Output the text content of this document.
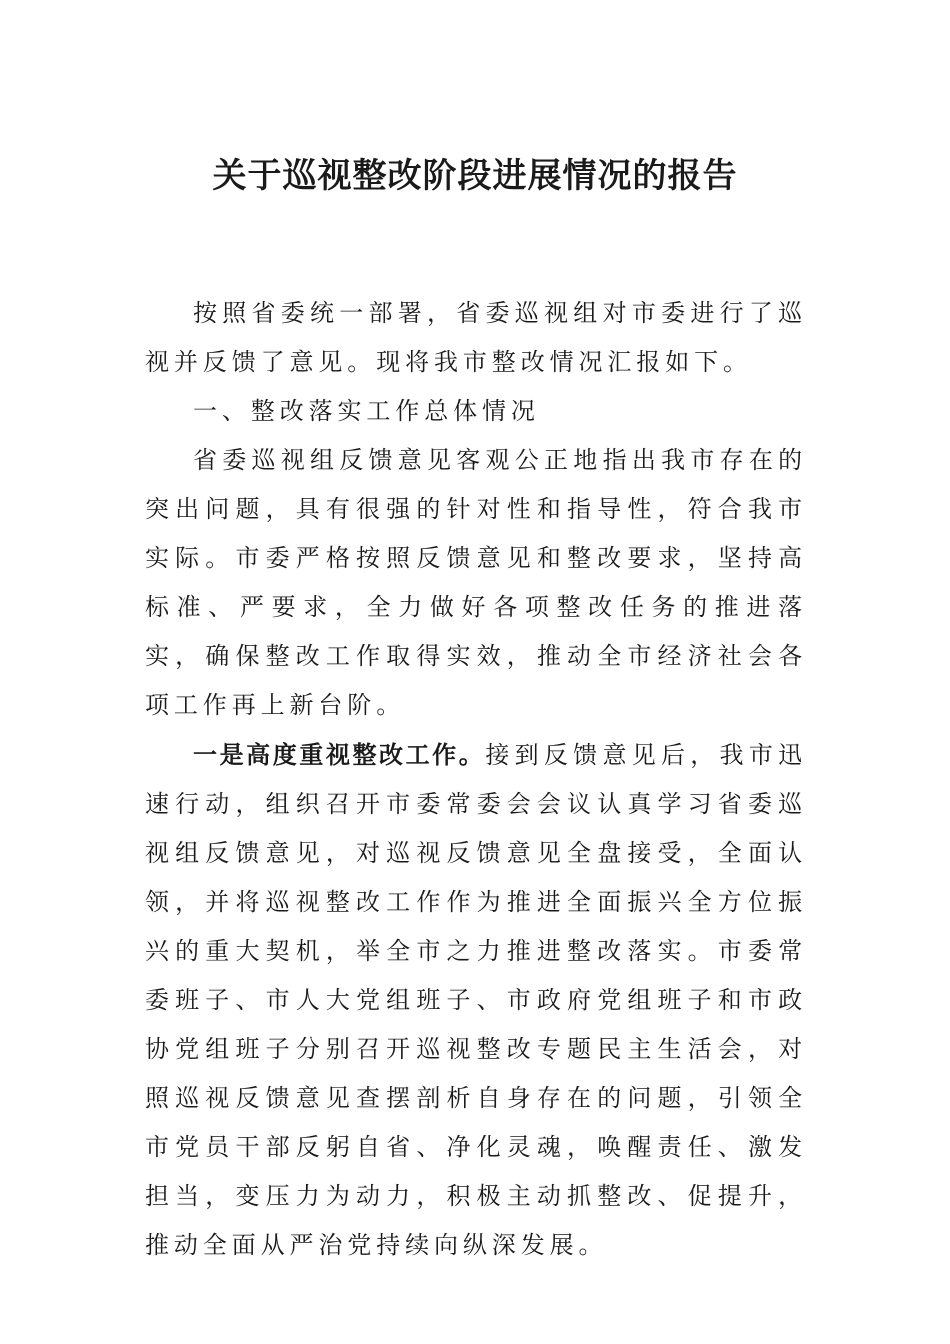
关于巡视整改阶段进展情况的报告

按照省委统一部署，省委巡视组对市委进行了巡视并反馈了意见。现将我市整改情况汇报如下。

一、整改落实工作总体情况

省委巡视组反馈意见客观公正地指出我市存在的突出问题，具有很强的针对性和指导性，符合我市实际。市委严格按照反馈意见和整改要求，坚持高标准、严要求，全力做好各项整改任务的推进落实，确保整改工作取得实效，推动全市经济社会各项工作再上新台阶。

一是高度重视整改工作。接到反馈意见后，我市迅速行动，组织召开市委常委会会议认真学习省委巡视组反馈意见，对巡视反馈意见全盘接受，全面认领，并将巡视整改工作作为推进全面振兴全方位振兴的重大契机，举全市之力推进整改落实。市委常委班子、市人大党组班子、市政府党组班子和市政协党组班子分别召开巡视整改专题民主生活会，对照巡视反馈意见查摆剖析自身存在的问题，引领全市党员干部反躬自省、净化灵魂，唤醒责任、激发担当，变压力为动力，积极主动抓整改、促提升，推动全面从严治党持续向纵深发展。
